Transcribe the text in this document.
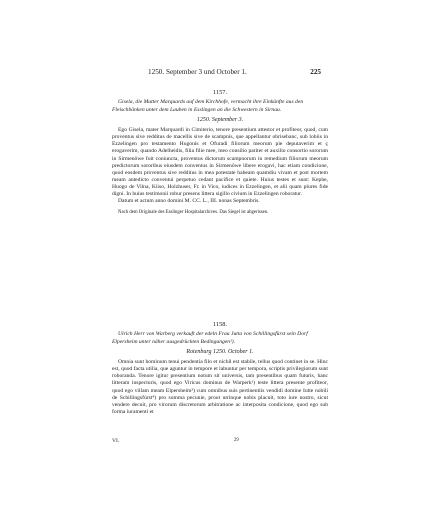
1250. September 3 und October 1.	225
1157.
Gisela, die Mutter Marquards auf dem Kirchhofe, vermacht ihre Einkünfte aus den Fleischbänken unter dem Lauben in Esslingen an die Schwestern in Sirnau.
1250. September 3.

Ego Gisela, mater Marquardi in Cimiterio, tenore presentium attestor et profiteor, quod, cum proventus sive redditus de macellis sive de scampnis, que appellantur obrisebanc, sub lobiis in Ezzelingen pro testamento Hugonis et Ofuradi filiorum meorum pie deputaverim et ç erogaverim, quando Adelheidis, filia filie mee, meo consilio pariter et auxilio consortio sororum in Sirmenôwe foit coniuncta, proventus dictorum scampnorum in remedium filiorum meorum predictorum sororibus eiusdem conventus in Sirmenôwe libere erogavi, hac etiam condicione, quod eosdem proventus sive redditus in mea potestate habeam quamdiu vivam et post mortem meam antedicto conventui perpetuo cedant pacifice et quiete. Huius testes et sunt: Kephe, Huogo de Vilna, Kiiso, Holzhuser, Fr. in Vico, iudices in Ezzelingen, et alii quam plures fide digni. In huius testimonii robur presens littera sigillo civium in Ezzelingen roboratur.

Datum et actum anno domini M. CC. L., III. nonas Septembris.

Nach dem Originale des Esslinger Hospitalarchives. Das Siegel ist abgerissen.
1158.
Ulrich Herr von Warberg verkauft der edeln Frau Jutta von Schillingsfürst sein Dorf Elpersheim unter näher ausgedrückten Bedingungen¹).
Rotenburg 1250. October 1.

Omnia sunt hominum tenui pendentia filo et nichil est stabile, tellus quod continet in se. Hinc est, quod facta utilia, que aguntur in tempore et labuntur per tempora, scriptis privilegiorum sunt roboranda. Tenore igitur presentium notum sit universis, tam presentibus quam futuris, hanc litteram inspecturis, quod ego Viricus dominus de Warperk¹) teste littera presente profiteor, quod ego villam meam Elpersheim³) cum omnibus suis pertinentiis vendidi domine Iutte nobili de Schillingsfúrst⁴) pro summa pecunie, prout utrinque nobis placuit, toto iure nostro, sicut vendere decuit, pro virorum discretorum arbitratione ac interposita condicione, quod ego sub forma iuramenti et

VI.	29
